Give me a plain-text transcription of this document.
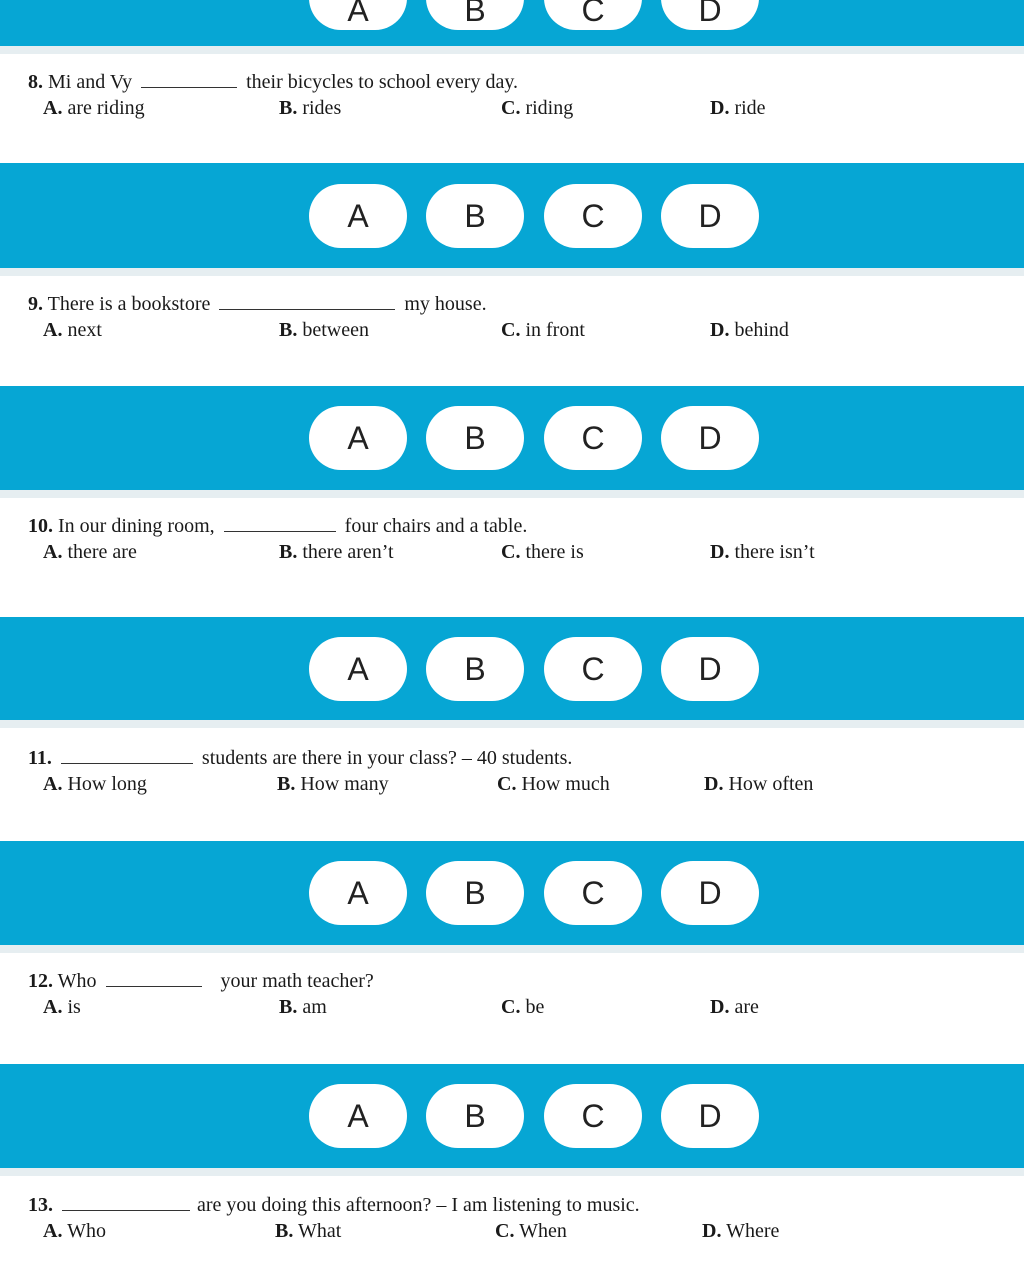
A	B	C	D
8. Mi and Vy	their bicycles to school every day.
A. are riding	B. rides	C. riding	D. ride
A	B	C	D
9. There is a bookstore	my house.
A. next	B. between	C. in front	D. behind
A	B	C	D
10. In our dining room,	four chairs and a table.
A. there are	B. there aren’t	C. there is	D. there isn’t
A	B	C	D
11.	students are there in your class? – 40 students.
A. How long	B. How many	C. How much	D. How often
A	B	C	D
12. Who	your math teacher?
A. is	B. am	C. be	D. are
A	B	C	D
13.	are you doing this afternoon? – I am listening to music.
A. Who	B. What	C. When	D. Where
